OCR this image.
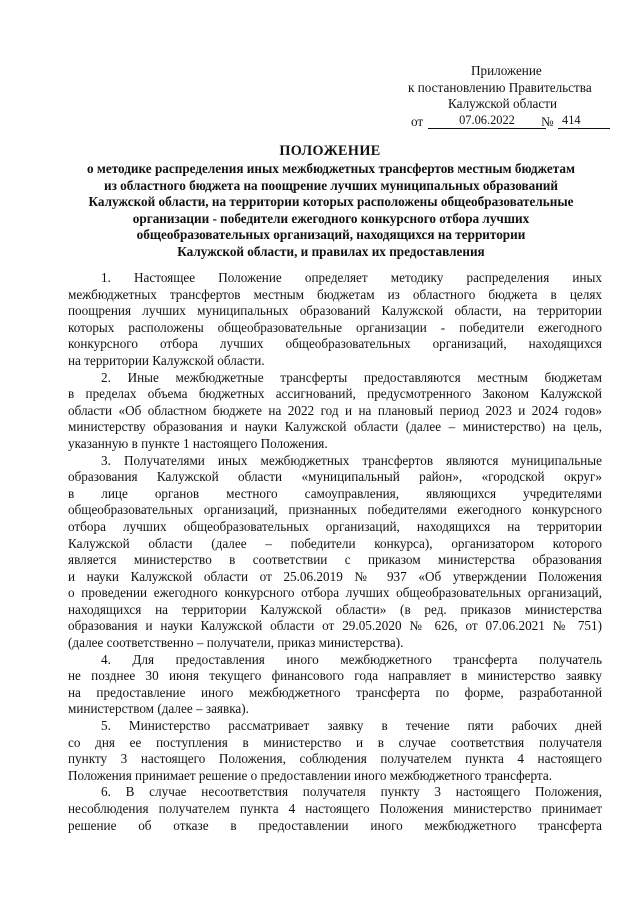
Приложение
к постановлению Правительства
Калужской области
от	07.06.2022	№ 414
ПОЛОЖЕНИЕ
о методике распределения иных межбюджетных трансфертов местным бюджетам
из областного бюджета на поощрение лучших муниципальных образований
Калужской области, на территории которых расположены общеобразовательные
организации - победители ежегодного конкурсного отбора лучших
общеобразовательных организаций, находящихся на территории
Калужской области, и правилах их предоставления
1. Настоящее Положение определяет методику распределения иных
межбюджетных трансфертов местным бюджетам из областного бюджета в целях
поощрения лучших муниципальных образований Калужской области, на территории
которых расположены общеобразовательные организации - победители ежегодного
конкурсного отбора лучших общеобразовательных организаций, находящихся
на территории Калужской области.
2. Иные межбюджетные трансферты предоставляются местным бюджетам
в пределах объема бюджетных ассигнований, предусмотренного Законом Калужской
области «Об областном бюджете на 2022 год и на плановый период 2023 и 2024 годов»
министерству образования и науки Калужской области (далее – министерство) на цель,
указанную в пункте 1 настоящего Положения.
3. Получателями иных межбюджетных трансфертов являются муниципальные
образования Калужской области «муниципальный район», «городской округ»
в лице органов местного самоуправления, являющихся учредителями
общеобразовательных организаций, признанных победителями ежегодного конкурсного
отбора лучших общеобразовательных организаций, находящихся на территории
Калужской области (далее – победители конкурса), организатором которого
является министерство в соответствии с приказом министерства образования
и науки Калужской области от 25.06.2019 № 937 «Об утверждении Положения
о проведении ежегодного конкурсного отбора лучших общеобразовательных организаций,
находящихся на территории Калужской области» (в ред. приказов министерства
образования и науки Калужской области от 29.05.2020 № 626, от 07.06.2021 № 751)
(далее соответственно – получатели, приказ министерства).
4. Для предоставления иного межбюджетного трансферта получатель
не позднее 30 июня текущего финансового года направляет в министерство заявку
на предоставление иного межбюджетного трансферта по форме, разработанной
министерством (далее – заявка).
5. Министерство рассматривает заявку в течение пяти рабочих дней
со дня ее поступления в министерство и в случае соответствия получателя
пункту 3 настоящего Положения, соблюдения получателем пункта 4 настоящего
Положения принимает решение о предоставлении иного межбюджетного трансферта.
6. В случае несоответствия получателя пункту 3 настоящего Положения,
несоблюдения получателем пункта 4 настоящего Положения министерство принимает
решение об отказе в предоставлении иного межбюджетного трансферта
